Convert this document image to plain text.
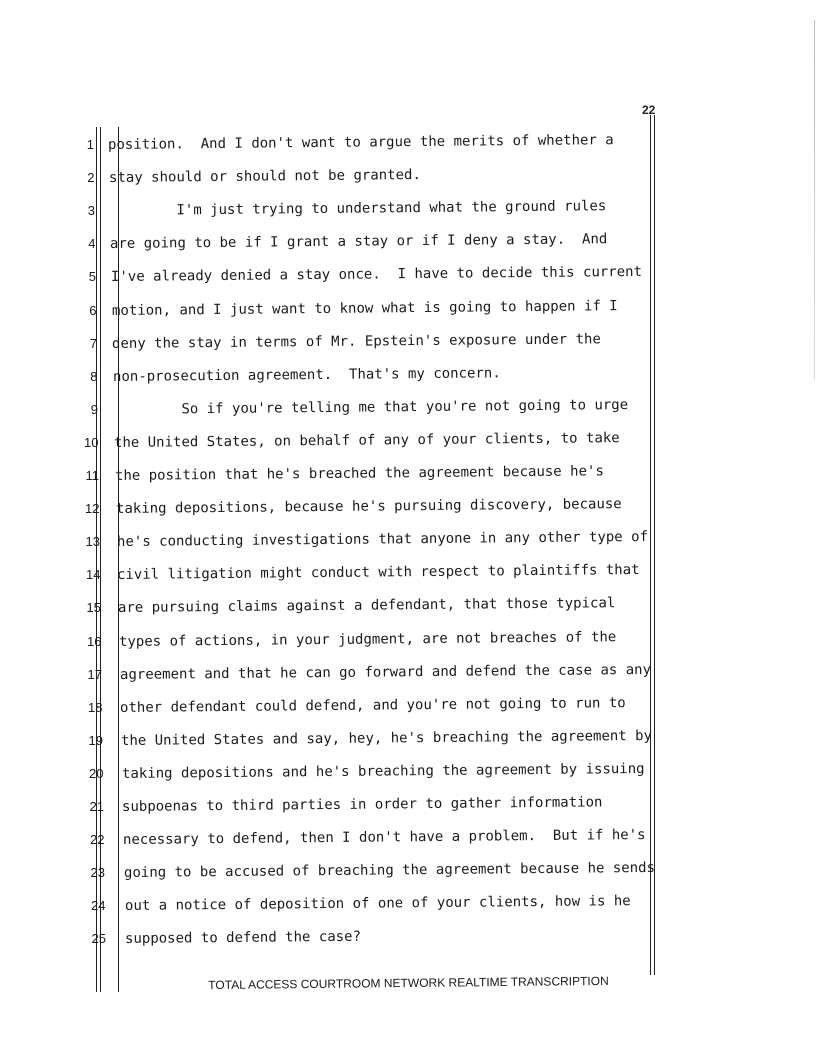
22
1 position.  And I don't want to argue the merits of whether a
2 stay should or should not be granted.
3 I'm just trying to understand what the ground rules
4 are going to be if I grant a stay or if I deny a stay.  And
5 I've already denied a stay once.  I have to decide this current
6 motion, and I just want to know what is going to happen if I
7 deny the stay in terms of Mr. Epstein's exposure under the
8 non-prosecution agreement.  That's my concern.
9 So if you're telling me that you're not going to urge
10 the United States, on behalf of any of your clients, to take
11 the position that he's breached the agreement because he's
12 taking depositions, because he's pursuing discovery, because
13 he's conducting investigations that anyone in any other type of
14 civil litigation might conduct with respect to plaintiffs that
15 are pursuing claims against a defendant, that those typical
16 types of actions, in your judgment, are not breaches of the
17 agreement and that he can go forward and defend the case as any
18 other defendant could defend, and you're not going to run to
19 the United States and say, hey, he's breaching the agreement by
20 taking depositions and he's breaching the agreement by issuing
21 subpoenas to third parties in order to gather information
22 necessary to defend, then I don't have a problem.  But if he's
23 going to be accused of breaching the agreement because he sends
24 out a notice of deposition of one of your clients, how is he
25 supposed to defend the case?
TOTAL ACCESS COURTROOM NETWORK REALTIME TRANSCRIPTION
